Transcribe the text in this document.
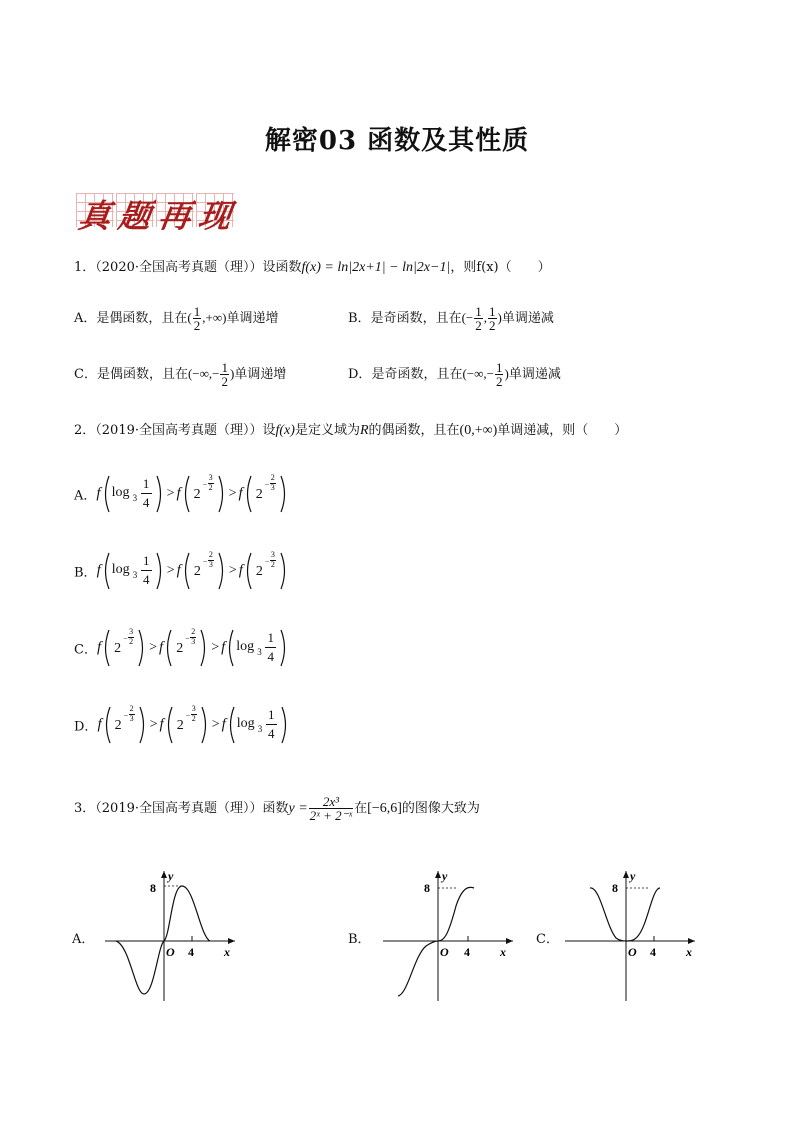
解密03 函数及其性质
真 题 再 现
1．（2020·全国高考真题（理））设函数f(x) = ln|2x+1| − ln|2x−1|，则f(x)（　　）
A．是偶函数，且在( $\frac{1}{2}$ ,+∞)单调递增	B．是奇函数，且在(− $\frac{1}{2}$ , $\frac{1}{2}$ )单调递减
C．是偶函数，且在(−∞,− $\frac{1}{2}$ )单调递增	D．是奇函数，且在(−∞,− $\frac{1}{2}$ )单调递减
2．（2019·全国高考真题（理））设f(x)是定义域为R的偶函数，且在(0,+∞)单调递减，则（　　）
A．f log 3
1
4
> f 2
−
3
2 > f 2
−
2
3
B．f log 3
1
4
> f 2
−
2
3 > f 2
−
3
2
C．f 2
−
3
2 > f 2
−
2
3 > f log 3
1
4
D．f 2
−
2
3 > f 2
−
3
2 > f log 3
1
4
3．（2019·全国高考真题（理））函数$y = \frac{\text{2x³}}{\text{2ˣ + 2⁻ˣ}}$ 在[−6,6]的图像大致为
A．	B．	C．
8
y
O 4	x
8
y
O 4	x
8
y
O 4	x
